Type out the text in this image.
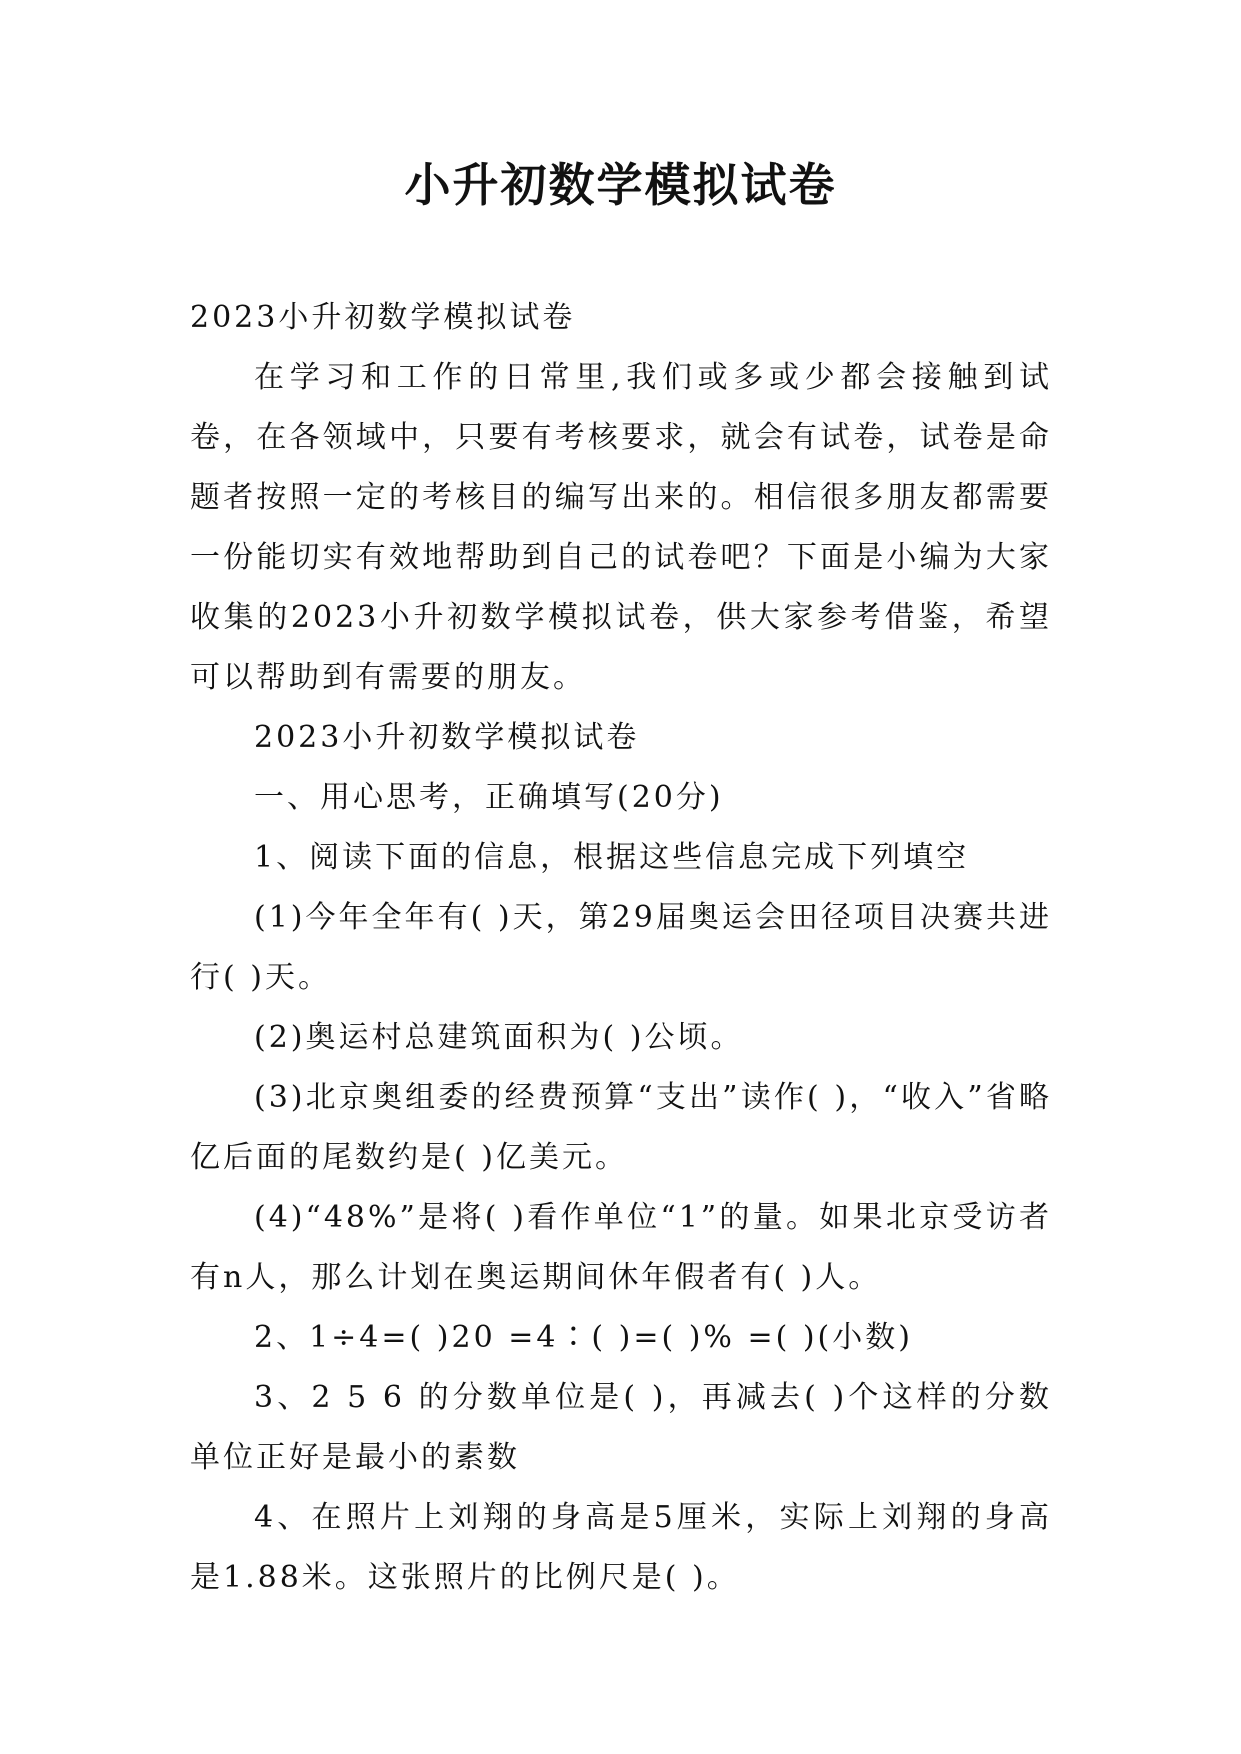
小升初数学模拟试卷

2023小升初数学模拟试卷

在学习和工作的日常里,我们或多或少都会接触到试卷，在各领域中，只要有考核要求，就会有试卷，试卷是命题者按照一定的考核目的编写出来的。相信很多朋友都需要一份能切实有效地帮助到自己的试卷吧？下面是小编为大家收集的2023小升初数学模拟试卷，供大家参考借鉴，希望可以帮助到有需要的朋友。

2023小升初数学模拟试卷

一、用心思考，正确填写(20分)

1、阅读下面的信息，根据这些信息完成下列填空

(1)今年全年有( )天，第29届奥运会田径项目决赛共进行( )天。

(2)奥运村总建筑面积为( )公顷。

(3)北京奥组委的经费预算“支出”读作( )，“收入”省略亿后面的尾数约是( )亿美元。

(4)“48%”是将( )看作单位“1”的量。如果北京受访者有n人，那么计划在奥运期间休年假者有( )人。

2、1÷4=( )20 =4∶( )=( )% =( )(小数)

3、2 5 6 的分数单位是( )，再减去( )个这样的分数单位正好是最小的素数

4、在照片上刘翔的身高是5厘米，实际上刘翔的身高是1.88米。这张照片的比例尺是( )。
